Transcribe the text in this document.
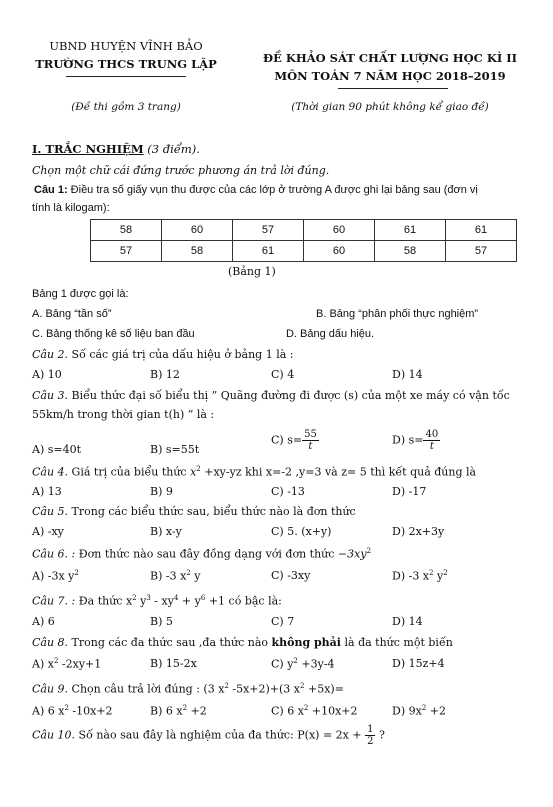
UBND HUYỆN VĨNH BẢO
TRƯỜNG THCS TRUNG LẬP	ĐỀ KHẢO SÁT CHẤT LƯỢNG HỌC KÌ II
MÔN TOÁN 7 NĂM HỌC 2018–2019
(Đề thi gồm 3 trang)	(Thời gian 90 phút không kể giao đề)
I. TRẮC NGHIỆM (3 điểm).
Chọn một chữ cái đứng trước phương án trả lời đúng.
Câu 1: Điều tra số giấy vụn thu được của các lớp ở trường A được ghi lại bảng sau (đơn vị
tính là kilogam):
58	60	57	60	61	61
57	58	61	60	58	57
(Bảng 1)
Bảng 1 được gọi là:
A. Bảng “tần số”	B. Bảng “phân phối thực nghiệm”
C. Bảng thống kê số liệu ban đầu	D. Bảng dấu hiệu.
Câu 2. Số các giá trị của dấu hiệu ở bảng 1 là :
A) 10	B) 12	C) 4	D) 14
Câu 3. Biểu thức đại số biểu thị ” Quãng đường đi được (s) của một xe máy có vận tốc
55km/h trong thời gian t(h) ” là :
A) s=40t	B) s=55t
C) $s= \frac{55}{t}$	D) $s= \frac{40}{t}$
Câu 4. Giá trị của biểu thức $x^2 +xy-yz$ khi x=-2 ,y=3 và z= 5 thì kết quả đúng là
A) 13	B) 9	C) -13	D) -17
Câu 5. Trong các biểu thức sau, biểu thức nào là đơn thức
A) -xy	B) x-y	C) 5. (x+y)	D) 2x+3y
Câu 6. : Đơn thức nào sau đây đồng dạng với đơn thức $-3xy^2$
A) -3x $y^2$	B) -3 $x^2$ y	C) -3xy	D) -3 $x^2$ $y^2$
Câu 7. : Đa thức $x^2$ $y^3 - xy^4 + y^6 +1$ có bậc là:
A) 6	B) 5	C) 7	D) 14
Câu 8. Trong các đa thức sau ,đa thức nào không phải là đa thức một biến
A) $x^2$ -2xy+1	B) 15-2x	C) $y^2 +3y-4$	D) 15z+4
Câu 9. Chọn câu trả lời đúng : (3 $x^2$ -5x+2)+(3 $x^2 +5x)=$
A) 6 $x^2$ -10x+2	B) 6 $x^2 +2$	C) 6 $x^2 +10x+2$	D) $9x^2 +2$
Câu 10. Số nào sau đây là nghiệm của đa thức: $P(x) = 2x + \frac{1}{2}$ ?
